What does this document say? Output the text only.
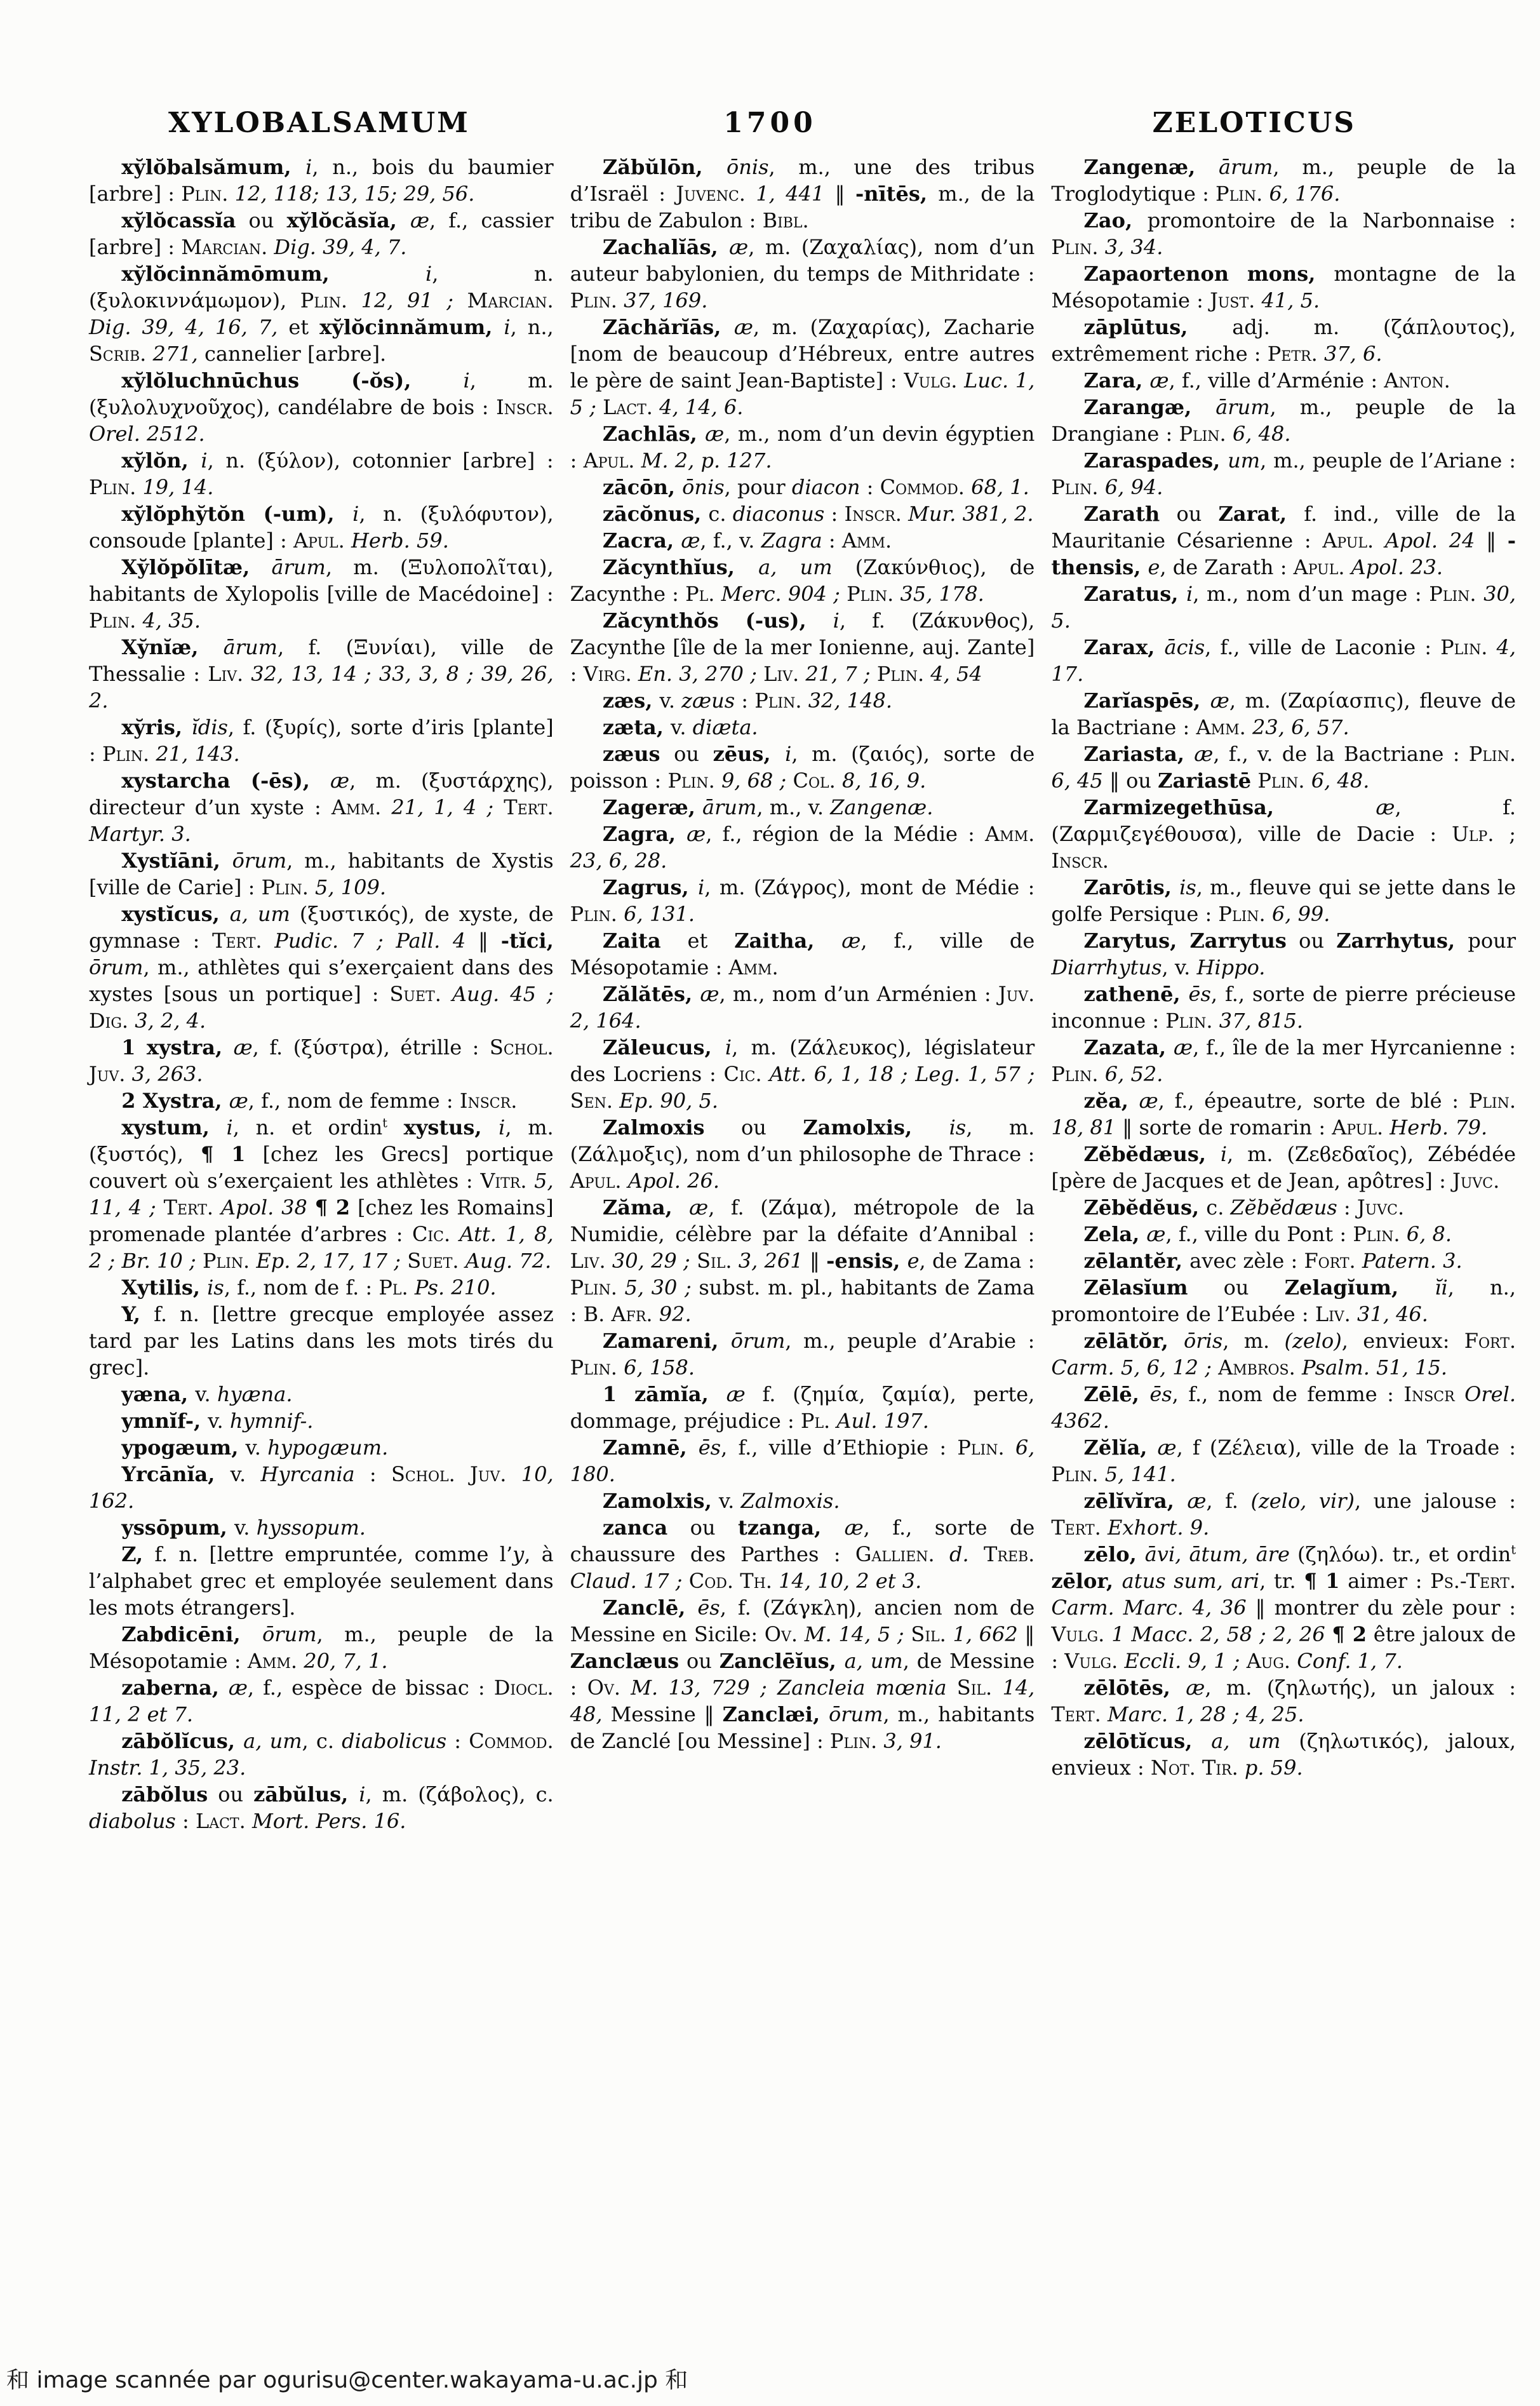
XYLOBALSAMUM	1700	ZELOTICUS

xy̆lŏbalsămum, i, n., bois du baumier [arbre] : Plin. 12, 118; 13, 15; 29, 56.

xy̆lŏcassĭa ou xy̆lŏcăsĭa, æ, f., cassier [arbre] : Marcian. Dig. 39, 4, 7.

xy̆lŏcinnămōmum, i, n. (ξυλοκιννάμωμον), Plin. 12, 91 ; Marcian. Dig. 39, 4, 16, 7, et xy̆lŏcinnămum, i, n., Scrib. 271, cannelier [arbre].

xy̆lŏluchnūchus (-ŏs), i, m. (ξυλολυχνοῦχος), candélabre de bois : Inscr. Orel. 2512.

xy̆lŏn, i, n. (ξύλον), cotonnier [arbre] : Plin. 19, 14.

xy̆lŏphy̆tŏn (-um), i, n. (ξυλόφυτον), consoude [plante] : Apul. Herb. 59.

Xy̆lŏpŏlītæ, ārum, m. (Ξυλοπολῖται), habitants de Xylopolis [ville de Macédoine] : Plin. 4, 35.

Xy̆nĭæ, ārum, f. (Ξυνίαι), ville de Thessalie : Liv. 32, 13, 14 ; 33, 3, 8 ; 39, 26, 2.

xy̆ris, ĭdis, f. (ξυρίς), sorte d’iris [plante] : Plin. 21, 143.

xystarcha (-ēs), æ, m. (ξυστάρχης), directeur d’un xyste : Amm. 21, 1, 4 ; Tert. Martyr. 3.

Xystĭāni, ōrum, m., habitants de Xystis [ville de Carie] : Plin. 5, 109.

xystĭcus, a, um (ξυστικός), de xyste, de gymnase : Tert. Pudic. 7 ; Pall. 4 ‖ -tĭci, ōrum, m., athlètes qui s’exerçaient dans des xystes [sous un portique] : Suet. Aug. 45 ; Dig. 3, 2, 4.

1 xystra, æ, f. (ξύστρα), étrille : Schol. Juv. 3, 263.

2 Xystra, æ, f., nom de femme : Inscr.

xystum, i, n. et ordin$^t$ xystus, i, m. (ξυστός), ¶ 1 [chez les Grecs] portique couvert où s’exerçaient les athlètes : Vitr. 5, 11, 4 ; Tert. Apol. 38 ¶ 2 [chez les Romains] promenade plantée d’arbres : Cic. Att. 1, 8, 2 ; Br. 10 ; Plin. Ep. 2, 17, 17 ; Suet. Aug. 72.

Xytilis, is, f., nom de f. : Pl. Ps. 210.

Y, f. n. [lettre grecque employée assez tard par les Latins dans les mots tirés du grec].

yæna, v. hyæna.

ymnĭf-, v. hymnif-.

ypogæum, v. hypogæum.

Yrcānĭa, v. Hyrcania : Schol. Juv. 10, 162.

yssōpum, v. hyssopum.

Z, f. n. [lettre empruntée, comme l’y, à l’alphabet grec et employée seulement dans les mots étrangers].

Zabdicēni, ōrum, m., peuple de la Mésopotamie : Amm. 20, 7, 1.

zaberna, æ, f., espèce de bissac : Diocl. 11, 2 et 7.

zābŏlĭcus, a, um, c. diabolicus : Commod. Instr. 1, 35, 23.

zābŏlus ou zābŭlus, i, m. (ζάβολος), c. diabolus : Lact. Mort. Pers. 16.

Zăbŭlōn, ōnis, m., une des tribus d’Israël : Juvenc. 1, 441 ‖ -nītēs, m., de la tribu de Zabulon : Bibl.

Zachalĭās, æ, m. (Ζαχαλίας), nom d’un auteur babylonien, du temps de Mithridate : Plin. 37, 169.

Zāchărĭās, æ, m. (Ζαχαρίας), Zacharie [nom de beaucoup d’Hébreux, entre autres le père de saint Jean-Baptiste] : Vulg. Luc. 1, 5 ; Lact. 4, 14, 6.

Zachlās, æ, m., nom d’un devin égyptien : Apul. M. 2, p. 127.

zācōn, ōnis, pour diacon : Commod. 68, 1.

zācŏnus, c. diaconus : Inscr. Mur. 381, 2.

Zacra, æ, f., v. Zagra : Amm.

Zăcynthĭus, a, um (Ζακύνθιος), de Zacynthe : Pl. Merc. 904 ; Plin. 35, 178.

Zăcynthŏs (-us), i, f. (Ζάκυνθος), Zacynthe [île de la mer Ionienne, auj. Zante] : Virg. En. 3, 270 ; Liv. 21, 7 ; Plin. 4, 54

zæs, v. zæus : Plin. 32, 148.

zæta, v. diæta.

zæus ou zēus, i, m. (ζαιός), sorte de poisson : Plin. 9, 68 ; Col. 8, 16, 9.

Zageræ, ārum, m., v. Zangenæ.

Zagra, æ, f., région de la Médie : Amm. 23, 6, 28.

Zagrus, i, m. (Ζάγρος), mont de Médie : Plin. 6, 131.

Zaita et Zaitha, æ, f., ville de Mésopotamie : Amm.

Zălătēs, æ, m., nom d’un Arménien : Juv. 2, 164.

Zăleucus, i, m. (Ζάλευκος), législateur des Locriens : Cic. Att. 6, 1, 18 ; Leg. 1, 57 ; Sen. Ep. 90, 5.

Zalmoxis ou Zamolxis, is, m. (Ζάλμοξις), nom d’un philosophe de Thrace : Apul. Apol. 26.

Zăma, æ, f. (Ζάμα), métropole de la Numidie, célèbre par la défaite d’Annibal : Liv. 30, 29 ; Sil. 3, 261 ‖ -ensis, e, de Zama : Plin. 5, 30 ; subst. m. pl., habitants de Zama : B. Afr. 92.

Zamareni, ōrum, m., peuple d’Arabie : Plin. 6, 158.

1 zāmĭa, æ f. (ζημία, ζαμία), perte, dommage, préjudice : Pl. Aul. 197.

Zamnē, ēs, f., ville d’Ethiopie : Plin. 6, 180.

Zamolxis, v. Zalmoxis.

zanca ou tzanga, æ, f., sorte de chaussure des Parthes : Gallien. d. Treb. Claud. 17 ; Cod. Th. 14, 10, 2 et 3.

Zanclē, ēs, f. (Ζάγκλη), ancien nom de Messine en Sicile: Ov. M. 14, 5 ; Sil. 1, 662 ‖ Zanclæus ou Zanclēĭus, a, um, de Messine : Ov. M. 13, 729 ; Zancleia mœnia Sil. 14, 48, Messine ‖ Zanclæi, ōrum, m., habitants de Zanclé [ou Messine] : Plin. 3, 91.

Zangenæ, ārum, m., peuple de la Troglodytique : Plin. 6, 176.

Zao, promontoire de la Narbonnaise : Plin. 3, 34.

Zapaortenon mons, montagne de la Mésopotamie : Just. 41, 5.

zāplūtus, adj. m. (ζάπλουτος), extrêmement riche : Petr. 37, 6.

Zara, æ, f., ville d’Arménie : Anton.

Zarangæ, ārum, m., peuple de la Drangiane : Plin. 6, 48.

Zaraspades, um, m., peuple de l’Ariane : Plin. 6, 94.

Zarath ou Zarat, f. ind., ville de la Mauritanie Césarienne : Apul. Apol. 24 ‖ -thensis, e, de Zarath : Apul. Apol. 23.

Zaratus, i, m., nom d’un mage : Plin. 30, 5.

Zarax, ācis, f., ville de Laconie : Plin. 4, 17.

Zarĭaspēs, æ, m. (Ζαρίασπις), fleuve de la Bactriane : Amm. 23, 6, 57.

Zariasta, æ, f., v. de la Bactriane : Plin. 6, 45 ‖ ou Zariastē Plin. 6, 48.

Zarmizegethūsa, æ, f. (Ζαρμιζεγέθουσα), ville de Dacie : Ulp. ; Inscr.

Zarōtis, is, m., fleuve qui se jette dans le golfe Persique : Plin. 6, 99.

Zarytus, Zarrytus ou Zarrhytus, pour Diarrhytus, v. Hippo.

zathenē, ēs, f., sorte de pierre précieuse inconnue : Plin. 37, 815.

Zazata, æ, f., île de la mer Hyrcanienne : Plin. 6, 52.

zĕa, æ, f., épeautre, sorte de blé : Plin. 18, 81 ‖ sorte de romarin : Apul. Herb. 79.

Zĕbĕdæus, i, m. (Ζεϐεδαῖος), Zébédée [père de Jacques et de Jean, apôtres] : Juvc.

Zēbĕdĕus, c. Zĕbĕdæus : Juvc.

Zela, æ, f., ville du Pont : Plin. 6, 8.

zēlantĕr, avec zèle : Fort. Patern. 3.

Zēlasĭum ou Zelagĭum, ĭi, n., promontoire de l’Eubée : Liv. 31, 46.

zēlātŏr, ōris, m. (zelo), envieux: Fort. Carm. 5, 6, 12 ; Ambros. Psalm. 51, 15.

Zēlē, ēs, f., nom de femme : Inscr Orel. 4362.

Zĕlĭa, æ, f (Ζέλεια), ville de la Troade : Plin. 5, 141.

zēlĭvĭra, æ, f. (zelo, vir), une jalouse : Tert. Exhort. 9.

zēlo, āvi, ātum, āre (ζηλόω). tr., et ordin$^t$ zēlor, atus sum, ari, tr. ¶ 1 aimer : Ps.-Tert. Carm. Marc. 4, 36 ‖ montrer du zèle pour : Vulg. 1 Macc. 2, 58 ; 2, 26 ¶ 2 être jaloux de : Vulg. Eccli. 9, 1 ; Aug. Conf. 1, 7.

zēlōtēs, æ, m. (ζηλωτής), un jaloux : Tert. Marc. 1, 28 ; 4, 25.

zēlōtĭcus, a, um (ζηλωτικός), jaloux, envieux : Not. Tir. p. 59.

和 image scannée par ogurisu@center.wakayama-u.ac.jp 和
